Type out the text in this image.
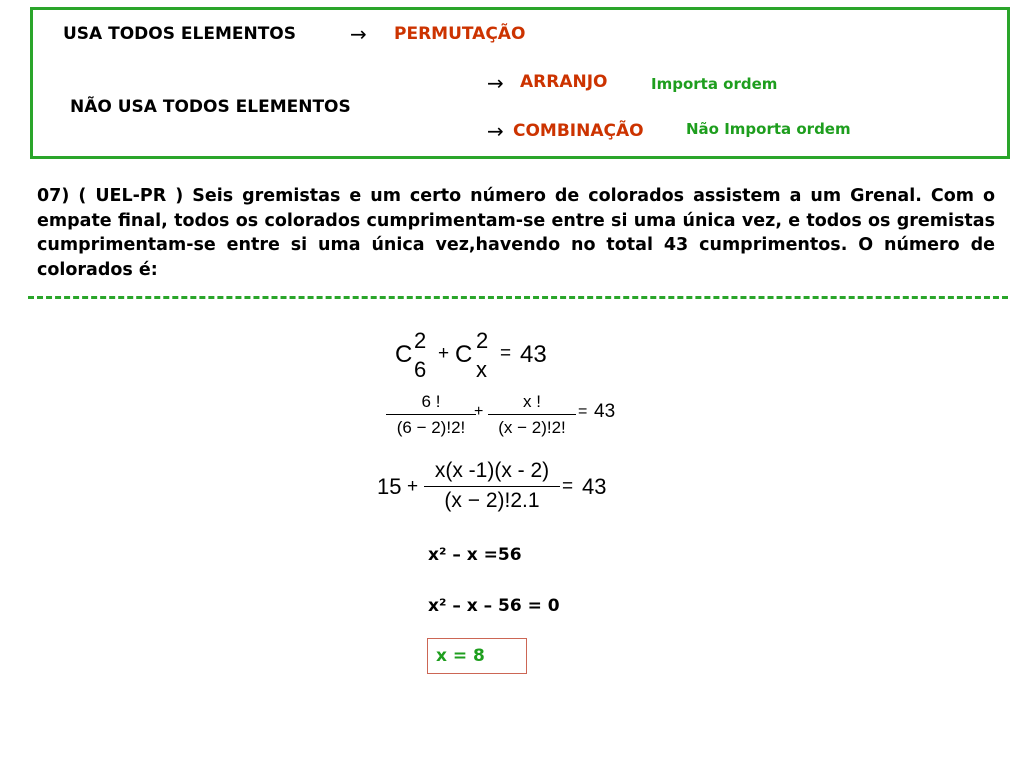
USA TODOS ELEMENTOS	→ PERMUTAÇÃO
→ ARRANJO	Importa ordem
NÃO USA TODOS ELEMENTOS
→ COMBINAÇÃO	Não Importa ordem
07) ( UEL-PR ) Seis gremistas e um certo número de colorados assistem a um Grenal. Com o empate final, todos os colorados cumprimentam-se entre si uma única vez, e todos os gremistas cumprimentam-se entre si uma única vez,havendo no total 43 cumprimentos. O número de colorados é:
C
2
6
+ C
2
x
= 43
6 !
(6 − 2)!2!
+
x !
(x − 2)!2!
= 43
15 +
x(x -1)(x - 2)
(x − 2)!2.1
= 43
x² – x =56
x² – x – 56 = 0
x = 8
